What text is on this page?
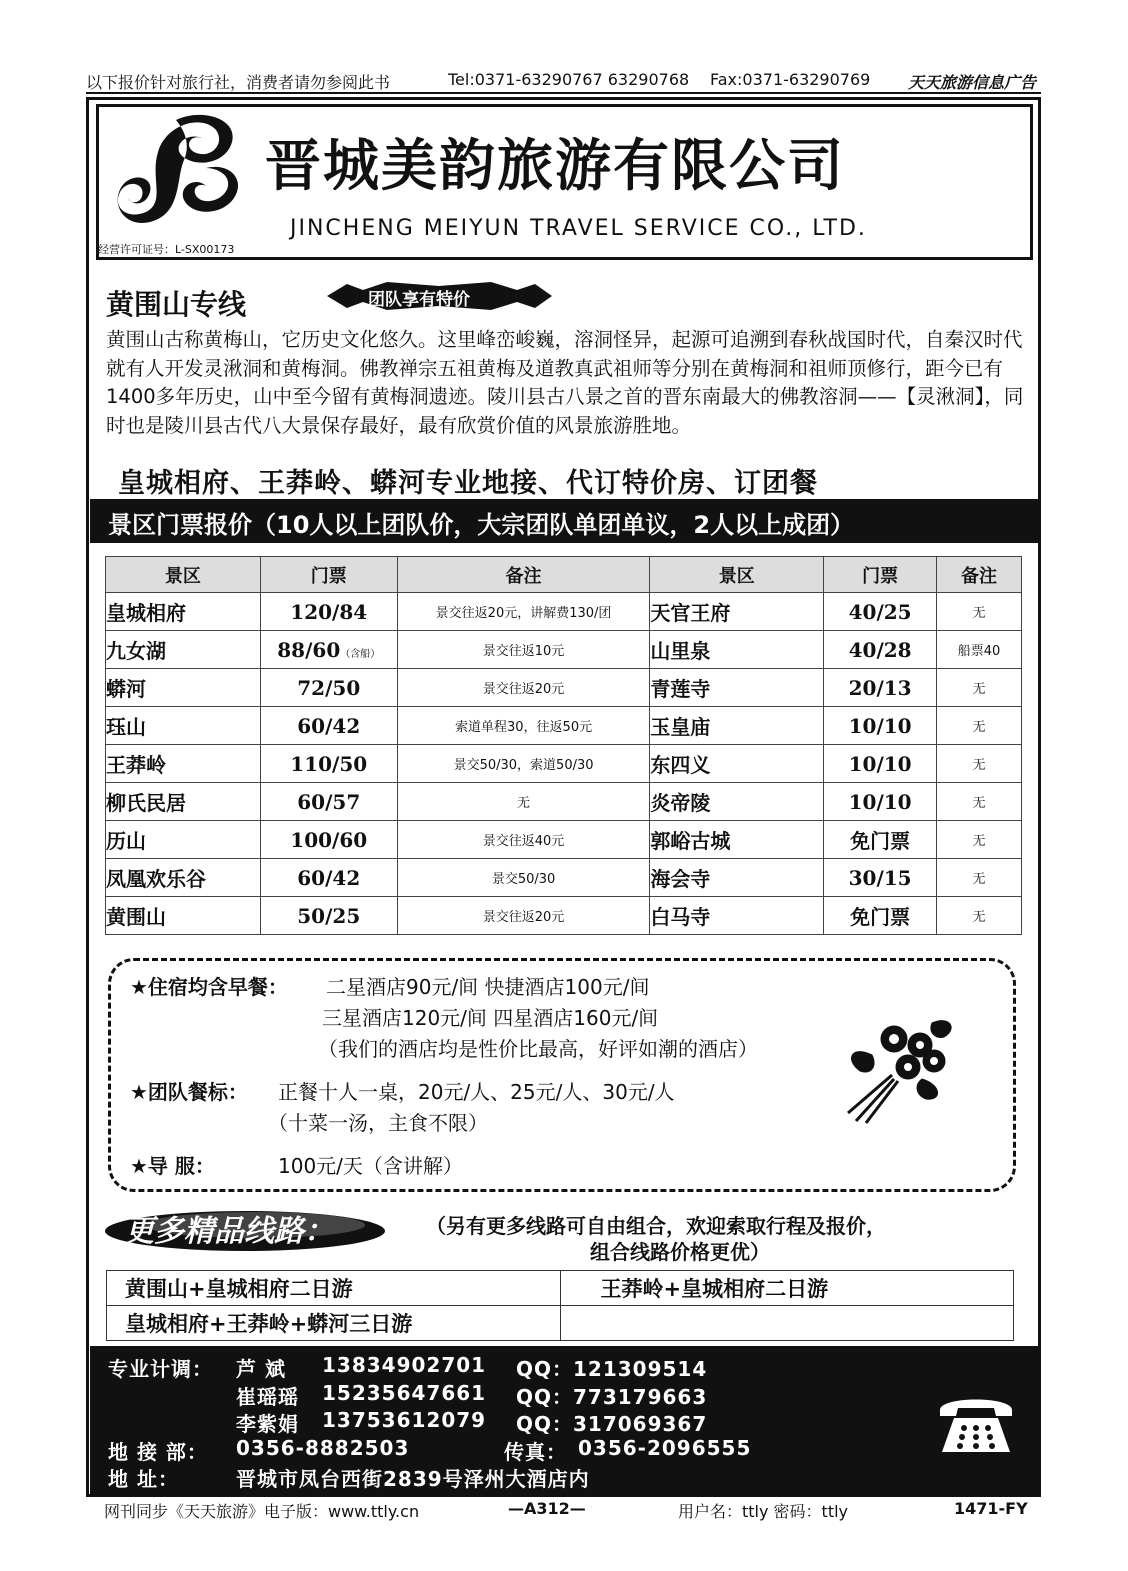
以下报价针对旅行社，消费者请勿参阅此书	Tel:0371-63290767 63290768 Fax:0371-63290769 天天旅游信息广告
晋城美韵旅游有限公司
JINCHENG MEIYUN TRAVEL SERVICE CO., LTD.
经营许可证号：L-SX00173
黄围山专线	团队享有特价
黄围山古称黄梅山，它历史文化悠久。这里峰峦峻巍，溶洞怪异，起源可追溯到春秋战国时代，自秦汉时代就有人开发灵湫洞和黄梅洞。佛教禅宗五祖黄梅及道教真武祖师等分别在黄梅洞和祖师顶修行，距今已有1400多年历史，山中至今留有黄梅洞遗迹。陵川县古八景之首的晋东南最大的佛教溶洞——【灵湫洞】，同时也是陵川县古代八大景保存最好，最有欣赏价值的风景旅游胜地。
皇城相府、王莽岭、蟒河专业地接、代订特价房、订团餐
景区门票报价（10人以上团队价，大宗团队单团单议，2人以上成团）
景区	门票	备注	景区	门票	备注
皇城相府	120/84	景交往返20元，讲解费130/团	天官王府	40/25	无
九女湖	88/60（含船）	景交往返10元	山里泉	40/28	船票40
蟒河	72/50	景交往返20元	青莲寺	20/13	无
珏山	60/42	索道单程30，往返50元	玉皇庙	10/10	无
王莽岭	110/50	景交50/30，索道50/30	东四义	10/10	无
柳氏民居	60/57	无	炎帝陵	10/10	无
历山	100/60	景交往返40元	郭峪古城	免门票	无
凤凰欢乐谷	60/42	景交50/30	海会寺	30/15	无
黄围山	50/25	景交往返20元	白马寺	免门票	无
★住宿均含早餐： 二星酒店90元/间 快捷酒店100元/间
三星酒店120元/间 四星酒店160元/间
（我们的酒店均是性价比最高，好评如潮的酒店）
★团队餐标： 正餐十人一桌，20元/人、25元/人、30元/人
（十菜一汤，主食不限）
★导 服：	100元/天（含讲解）
更多精品线路：	（另有更多线路可自由组合，欢迎索取行程及报价，
组合线路价格更优）
黄围山+皇城相府二日游	王莽岭+皇城相府二日游
皇城相府+王莽岭+蟒河三日游	
专业计调： 芦 斌 13834902701 QQ：121309514
崔瑶瑶 15235647661 QQ：773179663
李紫娟 13753612079 QQ：317069367
地 接 部： 0356-8882503	传真： 0356-2096555
地 址：	晋城市凤台西街2839号泽州大酒店内
网刊同步《天天旅游》电子版：www.ttly.cn	—A312—	用户名：ttly 密码：ttly	1471-FY
